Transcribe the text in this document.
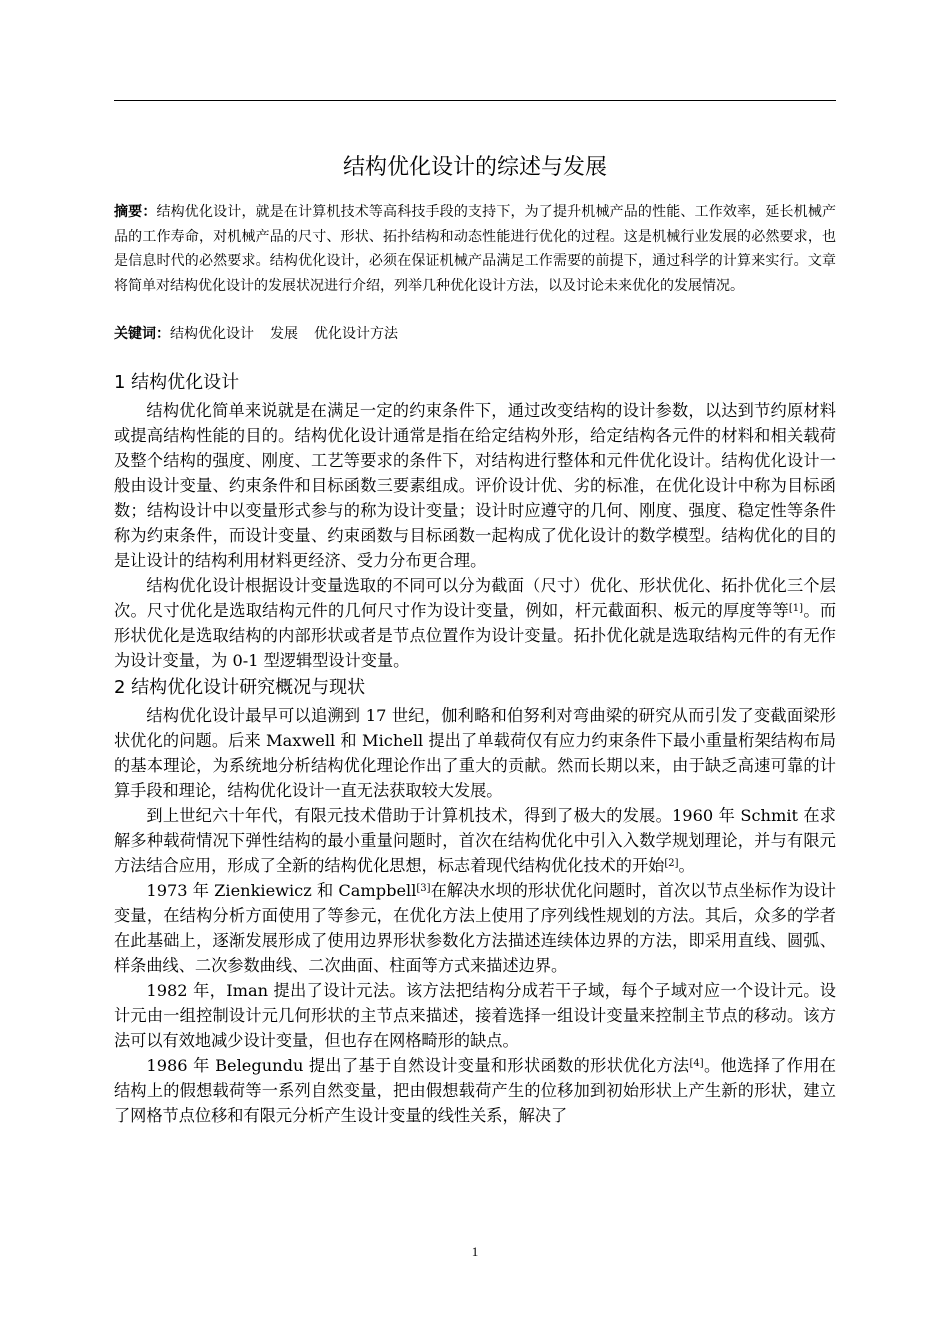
结构优化设计的综述与发展

摘要：结构优化设计，就是在计算机技术等高科技手段的支持下，为了提升机械产品的性能、工作效率，延长机械产品的工作寿命，对机械产品的尺寸、形状、拓扑结构和动态性能进行优化的过程。这是机械行业发展的必然要求，也是信息时代的必然要求。结构优化设计，必须在保证机械产品满足工作需要的前提下，通过科学的计算来实行。文章将简单对结构优化设计的发展状况进行介绍，列举几种优化设计方法，以及讨论未来优化的发展情况。

关键词：结构优化设计 发展 优化设计方法

1 结构优化设计

结构优化简单来说就是在满足一定的约束条件下，通过改变结构的设计参数，以达到节约原材料或提高结构性能的目的。结构优化设计通常是指在给定结构外形，给定结构各元件的材料和相关载荷及整个结构的强度、刚度、工艺等要求的条件下，对结构进行整体和元件优化设计。结构优化设计一般由设计变量、约束条件和目标函数三要素组成。评价设计优、劣的标准，在优化设计中称为目标函数；结构设计中以变量形式参与的称为设计变量；设计时应遵守的几何、刚度、强度、稳定性等条件称为约束条件，而设计变量、约束函数与目标函数一起构成了优化设计的数学模型。结构优化的目的是让设计的结构利用材料更经济、受力分布更合理。

结构优化设计根据设计变量选取的不同可以分为截面（尺寸）优化、形状优化、拓扑优化三个层次。尺寸优化是选取结构元件的几何尺寸作为设计变量，例如，杆元截面积、板元的厚度等等[1]。而形状优化是选取结构的内部形状或者是节点位置作为设计变量。拓扑优化就是选取结构元件的有无作为设计变量，为 0-1 型逻辑型设计变量。

2 结构优化设计研究概况与现状

结构优化设计最早可以追溯到 17 世纪，伽利略和伯努利对弯曲梁的研究从而引发了变截面梁形状优化的问题。后来 Maxwell 和 Michell 提出了单载荷仅有应力约束条件下最小重量桁架结构布局的基本理论，为系统地分析结构优化理论作出了重大的贡献。然而长期以来，由于缺乏高速可靠的计算手段和理论，结构优化设计一直无法获取较大发展。

到上世纪六十年代，有限元技术借助于计算机技术，得到了极大的发展。1960 年 Schmit 在求解多种载荷情况下弹性结构的最小重量问题时，首次在结构优化中引入入数学规划理论，并与有限元方法结合应用，形成了全新的结构优化思想，标志着现代结构优化技术的开始[2]。

1973 年 Zienkiewicz 和 Campbell[3]在解决水坝的形状优化问题时，首次以节点坐标作为设计变量，在结构分析方面使用了等参元，在优化方法上使用了序列线性规划的方法。其后，众多的学者在此基础上，逐渐发展形成了使用边界形状参数化方法描述连续体边界的方法，即采用直线、圆弧、样条曲线、二次参数曲线、二次曲面、柱面等方式来描述边界。

1982 年，Iman 提出了设计元法。该方法把结构分成若干子域，每个子域对应一个设计元。设计元由一组控制设计元几何形状的主节点来描述，接着选择一组设计变量来控制主节点的移动。该方法可以有效地减少设计变量，但也存在网格畸形的缺点。

1986 年 Belegundu 提出了基于自然设计变量和形状函数的形状优化方法[4]。他选择了作用在结构上的假想载荷等一系列自然变量，把由假想载荷产生的位移加到初始形状上产生新的形状，建立了网格节点位移和有限元分析产生设计变量的线性关系，解决了

1
